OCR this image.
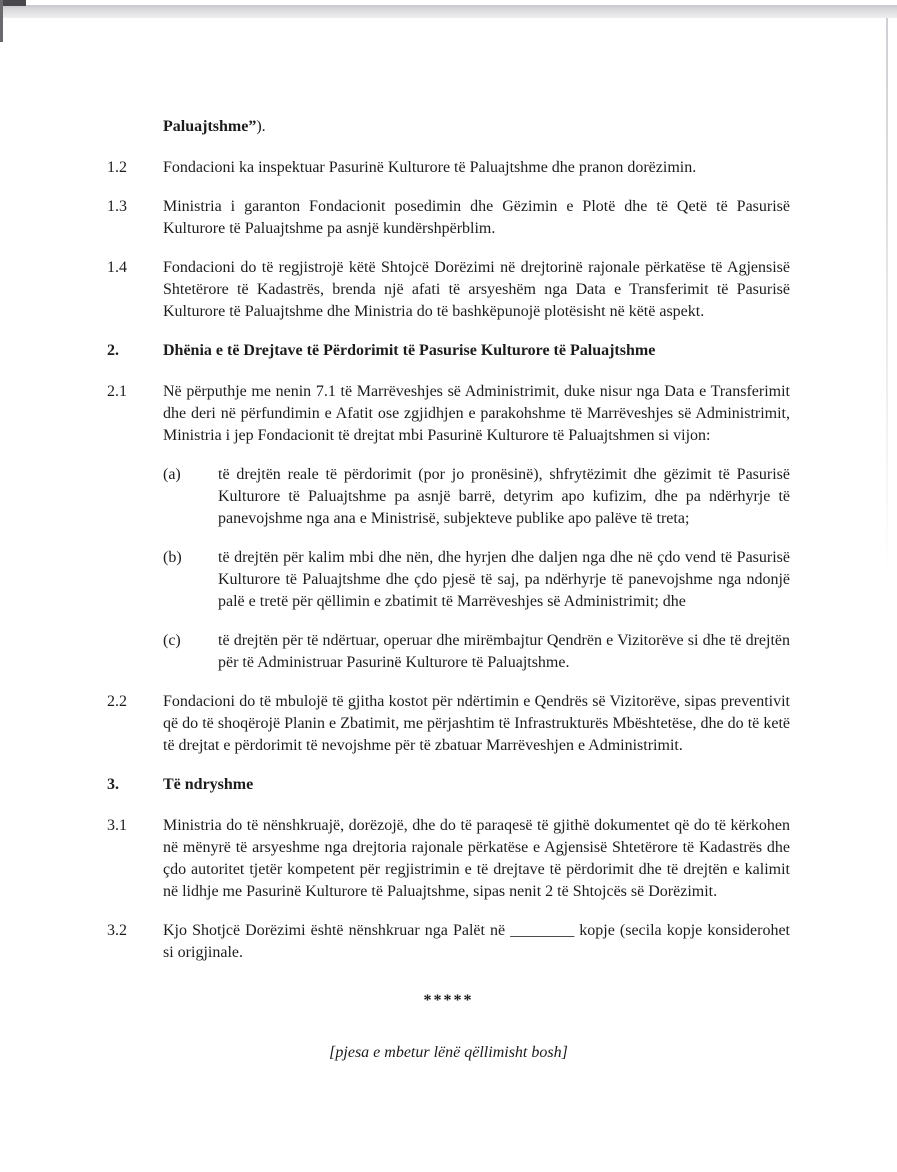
Paluajtshme”).
1.2	Fondacioni ka inspektuar Pasurinë Kulturore të Paluajtshme dhe pranon dorëzimin.
1.3	Ministria i garanton Fondacionit posedimin dhe Gëzimin e Plotë dhe të Qetë të Pasurisë Kulturore të Paluajtshme pa asnjë kundërshpërblim.
1.4	Fondacioni do të regjistrojë këtë Shtojcë Dorëzimi në drejtorinë rajonale përkatëse të Agjensisë Shtetërore të Kadastrës, brenda një afati të arsyeshëm nga Data e Transferimit të Pasurisë Kulturore të Paluajtshme dhe Ministria do të bashkëpunojë plotësisht në këtë aspekt.
2.	Dhënia e të Drejtave të Përdorimit të Pasurise Kulturore të Paluajtshme
2.1	Në përputhje me nenin 7.1 të Marrëveshjes së Administrimit, duke nisur nga Data e Transferimit dhe deri në përfundimin e Afatit ose zgjidhjen e parakohshme të Marrëveshjes së Administrimit, Ministria i jep Fondacionit të drejtat mbi Pasurinë Kulturore të Paluajtshmen si vijon:
(a)	të drejtën reale të përdorimit (por jo pronësinë), shfrytëzimit dhe gëzimit të Pasurisë Kulturore të Paluajtshme pa asnjë barrë, detyrim apo kufizim, dhe pa ndërhyrje të panevojshme nga ana e Ministrisë, subjekteve publike apo palëve të treta;
(b)	të drejtën për kalim mbi dhe nën, dhe hyrjen dhe daljen nga dhe në çdo vend të Pasurisë Kulturore të Paluajtshme dhe çdo pjesë të saj, pa ndërhyrje të panevojshme nga ndonjë palë e tretë për qëllimin e zbatimit të Marrëveshjes së Administrimit; dhe
(c)	të drejtën për të ndërtuar, operuar dhe mirëmbajtur Qendrën e Vizitorëve si dhe të drejtën për të Administruar Pasurinë Kulturore të Paluajtshme.
2.2	Fondacioni do të mbulojë të gjitha kostot për ndërtimin e Qendrës së Vizitorëve, sipas preventivit që do të shoqërojë Planin e Zbatimit, me përjashtim të Infrastrukturës Mbështetëse, dhe do të ketë të drejtat e përdorimit të nevojshme për të zbatuar Marrëveshjen e Administrimit.
3.	Të ndryshme
3.1	Ministria do të nënshkruajë, dorëzojë, dhe do të paraqesë të gjithë dokumentet që do të kërkohen në mënyrë të arsyeshme nga drejtoria rajonale përkatëse e Agjensisë Shtetërore të Kadastrës dhe çdo autoritet tjetër kompetent për regjistrimin e të drejtave të përdorimit dhe të drejtën e kalimit në lidhje me Pasurinë Kulturore të Paluajtshme, sipas nenit 2 të Shtojcës së Dorëzimit.
3.2	Kjo Shotjcë Dorëzimi është nënshkruar nga Palët në ________ kopje (secila kopje konsiderohet si origjinale.
*****
[pjesa e mbetur lënë qëllimisht bosh]
